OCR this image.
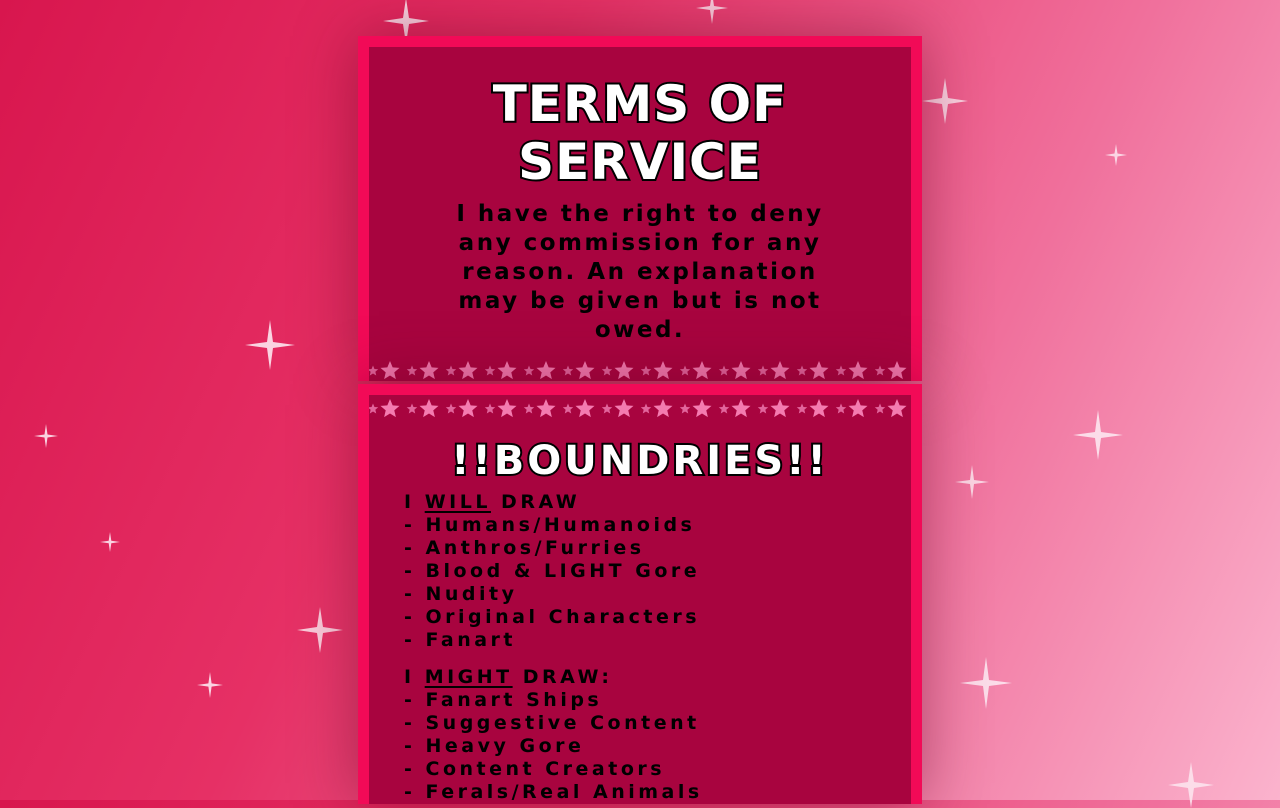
TERMS OF
SERVICE
I have the right to deny any commission for any reason. An explanation may be given but is not owed.
!!BOUNDRIES!!
I WILL DRAW
- Humans/Humanoids
- Anthros/Furries
- Blood & LIGHT Gore
- Nudity
- Original Characters
- Fanart
I MIGHT DRAW:
- Fanart Ships
- Suggestive Content
- Heavy Gore
- Content Creators
- Ferals/Real Animals
